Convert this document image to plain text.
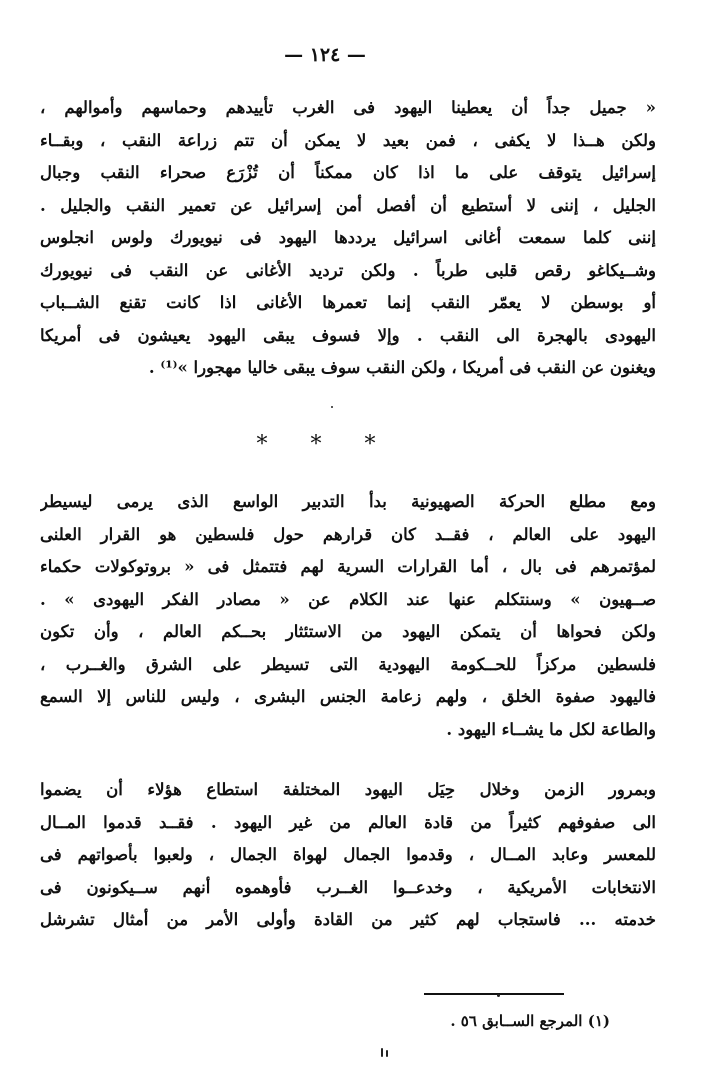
— ١٢٤ —
« جميل جداً أن يعطينا اليهود فى الغرب تأييدهم وحماسهم وأموالهم ،
ولكن هــذا لا يكفى ، فمن بعيد لا يمكن أن تتم زراعة النقب ، وبقــاء
إسرائيل يتوقف على ما اذا كان ممكناً أن تُزْرَع صحراء النقب وجبال
الجليل ، إننى لا أستطيع أن أفصل أمن إسرائيل عن تعمير النقب والجليل .
إننى كلما سمعت أغانى اسرائيل يرددها اليهود فى نيويورك ولوس انجلوس
وشــيكاغو رقص قلبى طرباً . ولكن ترديد الأغانى عن النقب فى نيويورك
أو بوسطن لا يعمّر النقب إنما تعمرها الأغانى اذا كانت تقنع الشــباب
اليهودى بالهجرة الى النقب . وإلا فسوف يبقى اليهود يعيشون فى أمريكا
ويغنون عن النقب فى أمريكا ، ولكن النقب سوف يبقى خاليا مهجورا »⁽¹⁾ .
* * *
ومع مطلع الحركة الصهيونية بدأ التدبير الواسع الذى يرمى ليسيطر
اليهود على العالم ، فقــد كان قرارهم حول فلسطين هو القرار العلنى
لمؤتمرهم فى بال ، أما القرارات السرية لهم فتتمثل فى « بروتوكولات حكماء
صــهيون » وسنتكلم عنها عند الكلام عن « مصادر الفكر اليهودى » .
ولكن فحواها أن يتمكن اليهود من الاستئثار بحــكم العالم ، وأن تكون
فلسطين مركزاً للحــكومة اليهودية التى تسيطر على الشرق والغــرب ،
فاليهود صفوة الخلق ، ولهم زعامة الجنس البشرى ، وليس للناس إلا السمع
والطاعة لكل ما يشــاء اليهود .
وبمرور الزمن وخلال حِيَل اليهود المختلفة استطاع هؤلاء أن يضموا
الى صفوفهم كثيراً من قادة العالم من غير اليهود . فقــد قدموا المــال
للمعسر وعابد المــال ، وقدموا الجمال لهواة الجمال ، ولعبوا بأصواتهم فى
الانتخابات الأمريكية ، وخدعــوا الغــرب فأوهموه أنهم ســيكونون فى
خدمته ... فاستجاب لهم كثير من القادة وأولى الأمر من أمثال تشرشل
(١) المرجع الســابق ٥٦ .
